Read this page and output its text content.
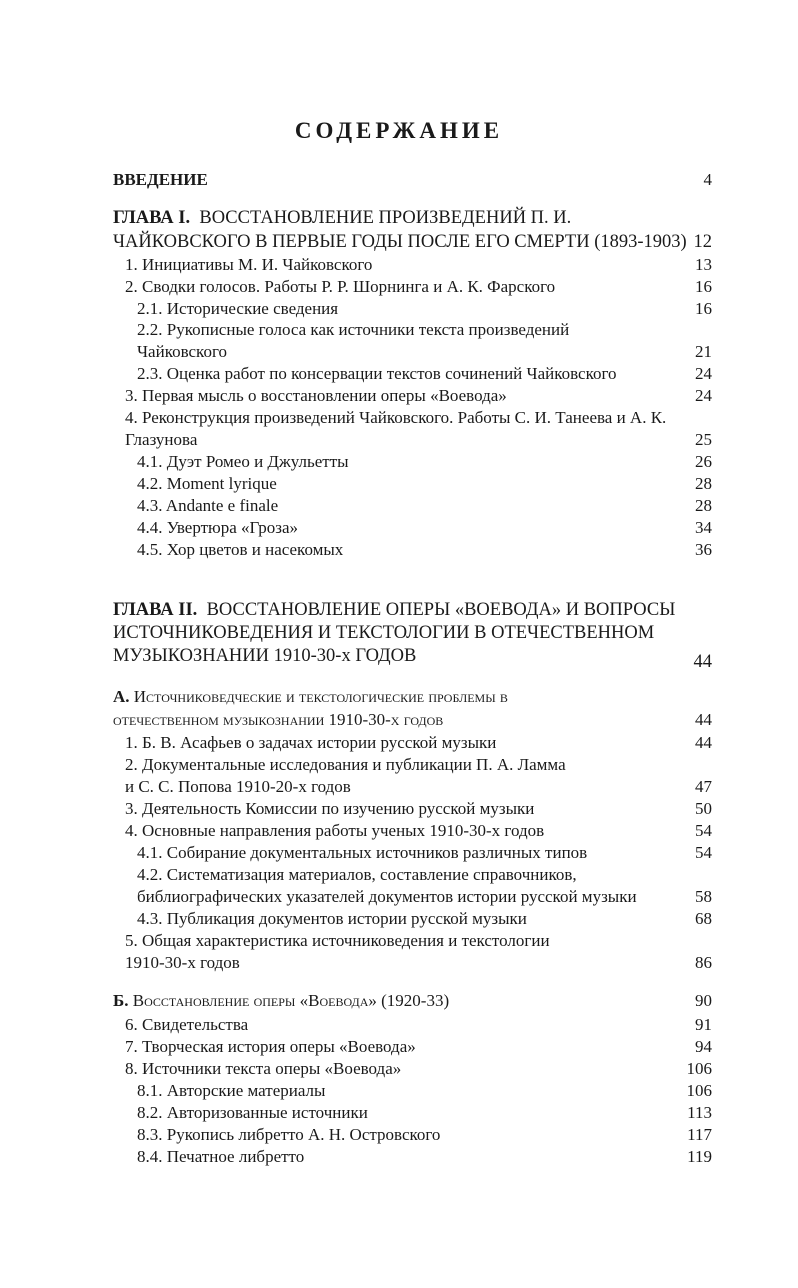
СОДЕРЖАНИЕ
ВВЕДЕНИЕ	4
ГЛАВА I. ВОССТАНОВЛЕНИЕ ПРОИЗВЕДЕНИЙ П. И.
ЧАЙКОВСКОГО В ПЕРВЫЕ ГОДЫ ПОСЛЕ ЕГО СМЕРТИ (1893-1903) 12
1. Инициативы М. И. Чайковского	13
2. Сводки голосов. Работы Р. Р. Шорнинга и А. К. Фарского	16
2.1. Исторические сведения	16
2.2. Рукописные голоса как источники текста произведений
Чайковского	21
2.3. Оценка работ по консервации текстов сочинений Чайковского	24
3. Первая мысль о восстановлении оперы «Воевода»	24
4. Реконструкция произведений Чайковского. Работы С. И. Танеева и А. К.
Глазунова	25
4.1. Дуэт Ромео и Джульетты	26
4.2. Moment lyrique	28
4.3. Andante e finale	28
4.4. Увертюра «Гроза»	34
4.5. Хор цветов и насекомых	36
ГЛАВА II. ВОССТАНОВЛЕНИЕ ОПЕРЫ «ВОЕВОДА» И ВОПРОСЫ
ИСТОЧНИКОВЕДЕНИЯ И ТЕКСТОЛОГИИ В ОТЕЧЕСТВЕННОМ
МУЗЫКОЗНАНИИ 1910-30-х ГОДОВ	44
А. Источниковедческие и текстологические проблемы в
отечественном музыкознании 1910-30-х годов	44
1. Б. В. Асафьев о задачах истории русской музыки	44
2. Документальные исследования и публикации П. А. Ламма
и С. С. Попова 1910-20-х годов	47
3. Деятельность Комиссии по изучению русской музыки	50
4. Основные направления работы ученых 1910-30-х годов	54
4.1. Собирание документальных источников различных типов	54
4.2. Систематизация материалов, составление справочников,
библиографических указателей документов истории русской музыки	58
4.3. Публикация документов истории русской музыки	68
5. Общая характеристика источниковедения и текстологии
1910-30-х годов	86
Б. Восстановление оперы «Воевода» (1920-33)	90
6. Свидетельства	91
7. Творческая история оперы «Воевода»	94
8. Источники текста оперы «Воевода»	106
8.1. Авторские материалы	106
8.2. Авторизованные источники	113
8.3. Рукопись либретто А. Н. Островского	117
8.4. Печатное либретто	119
